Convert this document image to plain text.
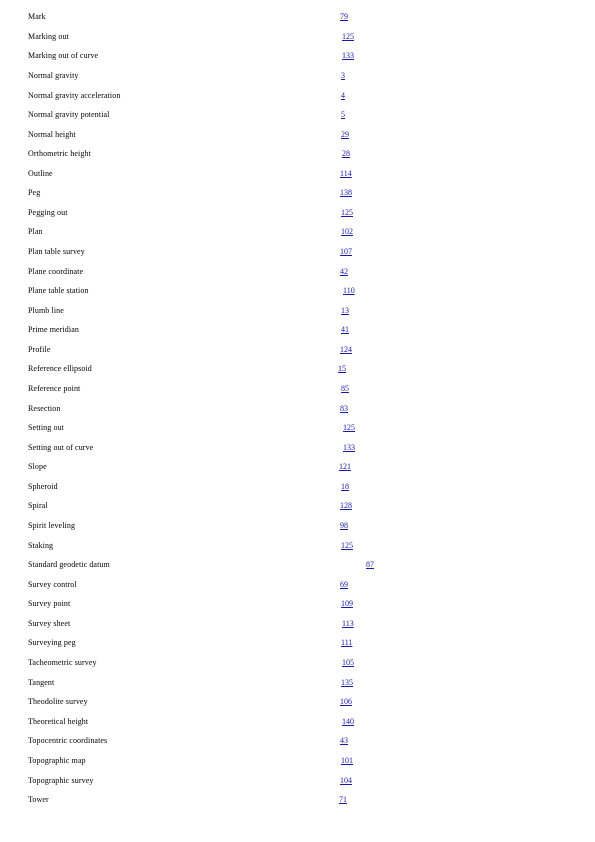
Mark	79
Marking out	125
Marking out of curve	133
Normal gravity	3
Normal gravity acceleration	4
Normal gravity potential	5
Normal height	29
Orthometric height	28
Outline	114
Peg	138
Pegging out	125
Plan	102
Plan table survey	107
Plane coordinate	42
Plane table station	110
Plumb line	13
Prime meridian	41
Profile	124
Reference ellipsoid	15
Reference point	85
Resection	83
Setting out	125
Setting out of curve	133
Slope	121
Spheroid	18
Spiral	128
Spirit leveling	98
Staking	125
Standard geodetic datum	87
Survey control	69
Survey point	109
Survey sheet	113
Surveying peg	111
Tacheometric survey	105
Tangent	135
Theodolite survey	106
Theoretical height	140
Topocentric coordinates	43
Topographic map	101
Topographic survey	104
Tower	71
